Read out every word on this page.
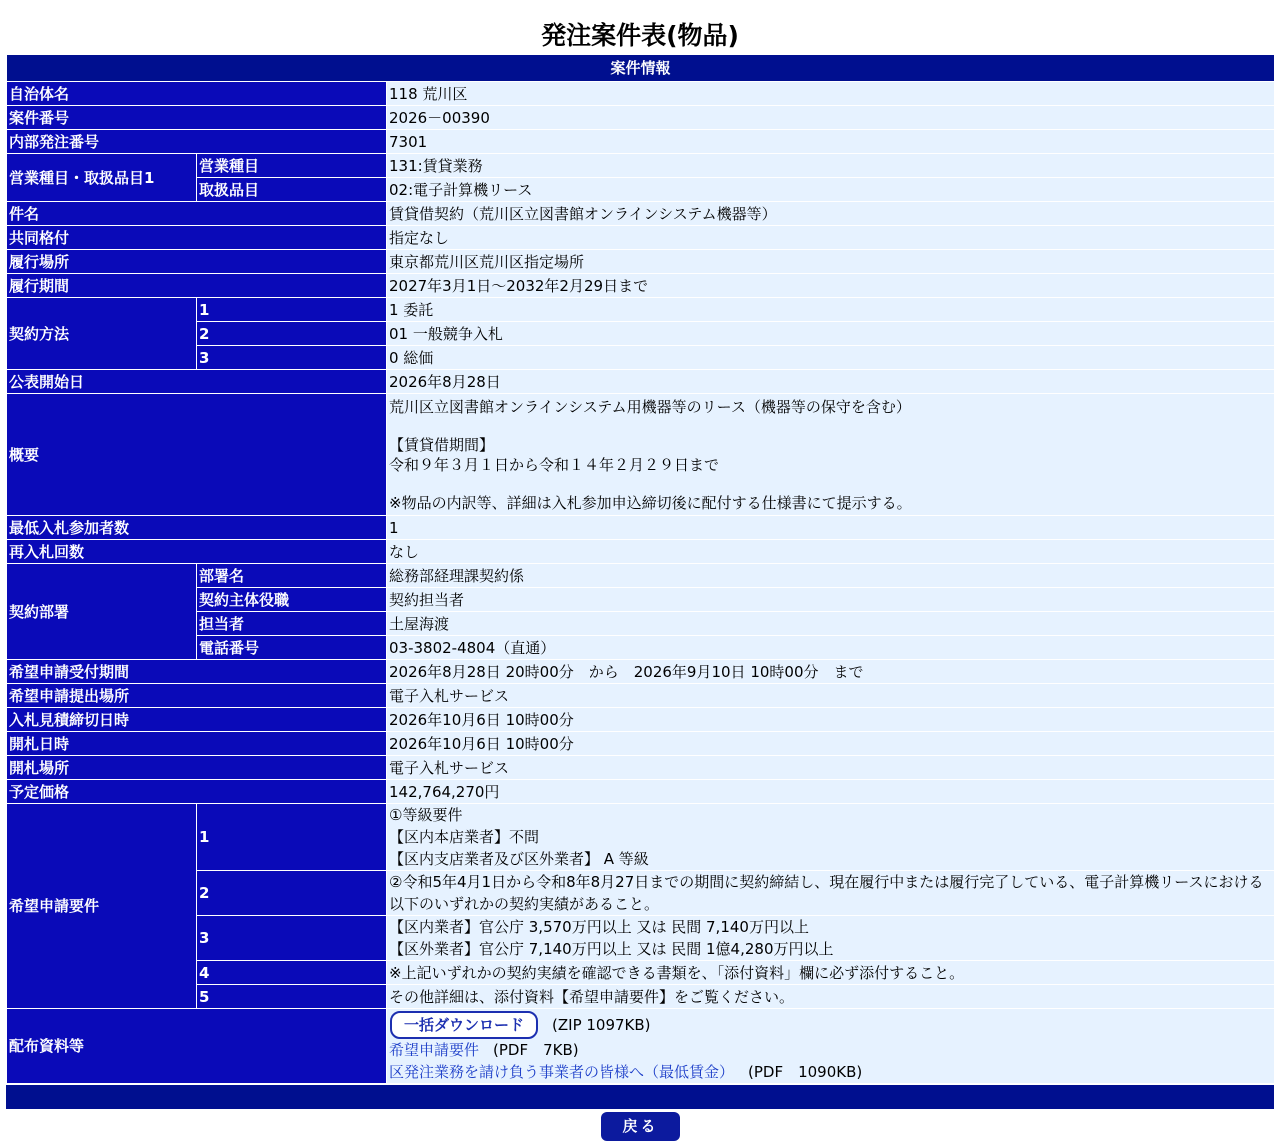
発注案件表(物品)
案件情報		
自治体名		118 荒川区
案件番号		2026－00390
内部発注番号		7301
営業種目・取扱品目1	営業種目	131:賃貸業務
	取扱品目	02:電子計算機リース
件名		賃貸借契約（荒川区立図書館オンラインシステム機器等）
共同格付		指定なし
履行場所		東京都荒川区荒川区指定場所
履行期間		2027年3月1日～2032年2月29日まで
契約方法	1	1 委託
	2	01 一般競争入札
	3	0 総価
公表開始日		2026年8月28日
概要		荒川区立図書館オンラインシステム用機器等のリース（機器等の保守を含む）
【賃貸借期間】
令和９年３月１日から令和１４年２月２９日まで
※物品の内訳等、詳細は入札参加申込締切後に配付する仕様書にて提示する。

最低入札参加者数		1
再入札回数		なし
契約部署	部署名	総務部経理課契約係
	契約主体役職	契約担当者
	担当者	土屋海渡
	電話番号	03-3802-4804（直通）
希望申請受付期間		2026年8月28日 20時00分　から　2026年9月10日 10時00分　まで
希望申請提出場所		電子入札サービス
入札見積締切日時		2026年10月6日 10時00分
開札日時		2026年10月6日 10時00分
開札場所		電子入札サービス
予定価格		142,764,270円
希望申請要件	1	①等級要件
【区内本店業者】不問
【区内支店業者及び区外業者】 A 等級

	2	②令和5年4月1日から令和8年8月27日までの期間に契約締結し、現在履行中または履行完了している、電子計算機リースにおける以下のいずれかの契約実績があること。
	3	【区内業者】官公庁 3,570万円以上 又は 民間 7,140万円以上
【区外業者】官公庁 7,140万円以上 又は 民間 1億4,280万円以上

	4	※上記いずれかの契約実績を確認できる書類を、「添付資料」欄に必ず添付すること。
	5	その他詳細は、添付資料【希望申請要件】をご覧ください。
配布資料等		一括ダウンロード (ZIP 1097KB)
希望申請要件 (PDF　7KB)
区発注業務を請け負う事業者の皆様へ（最低賃金） (PDF　1090KB)
戻る
